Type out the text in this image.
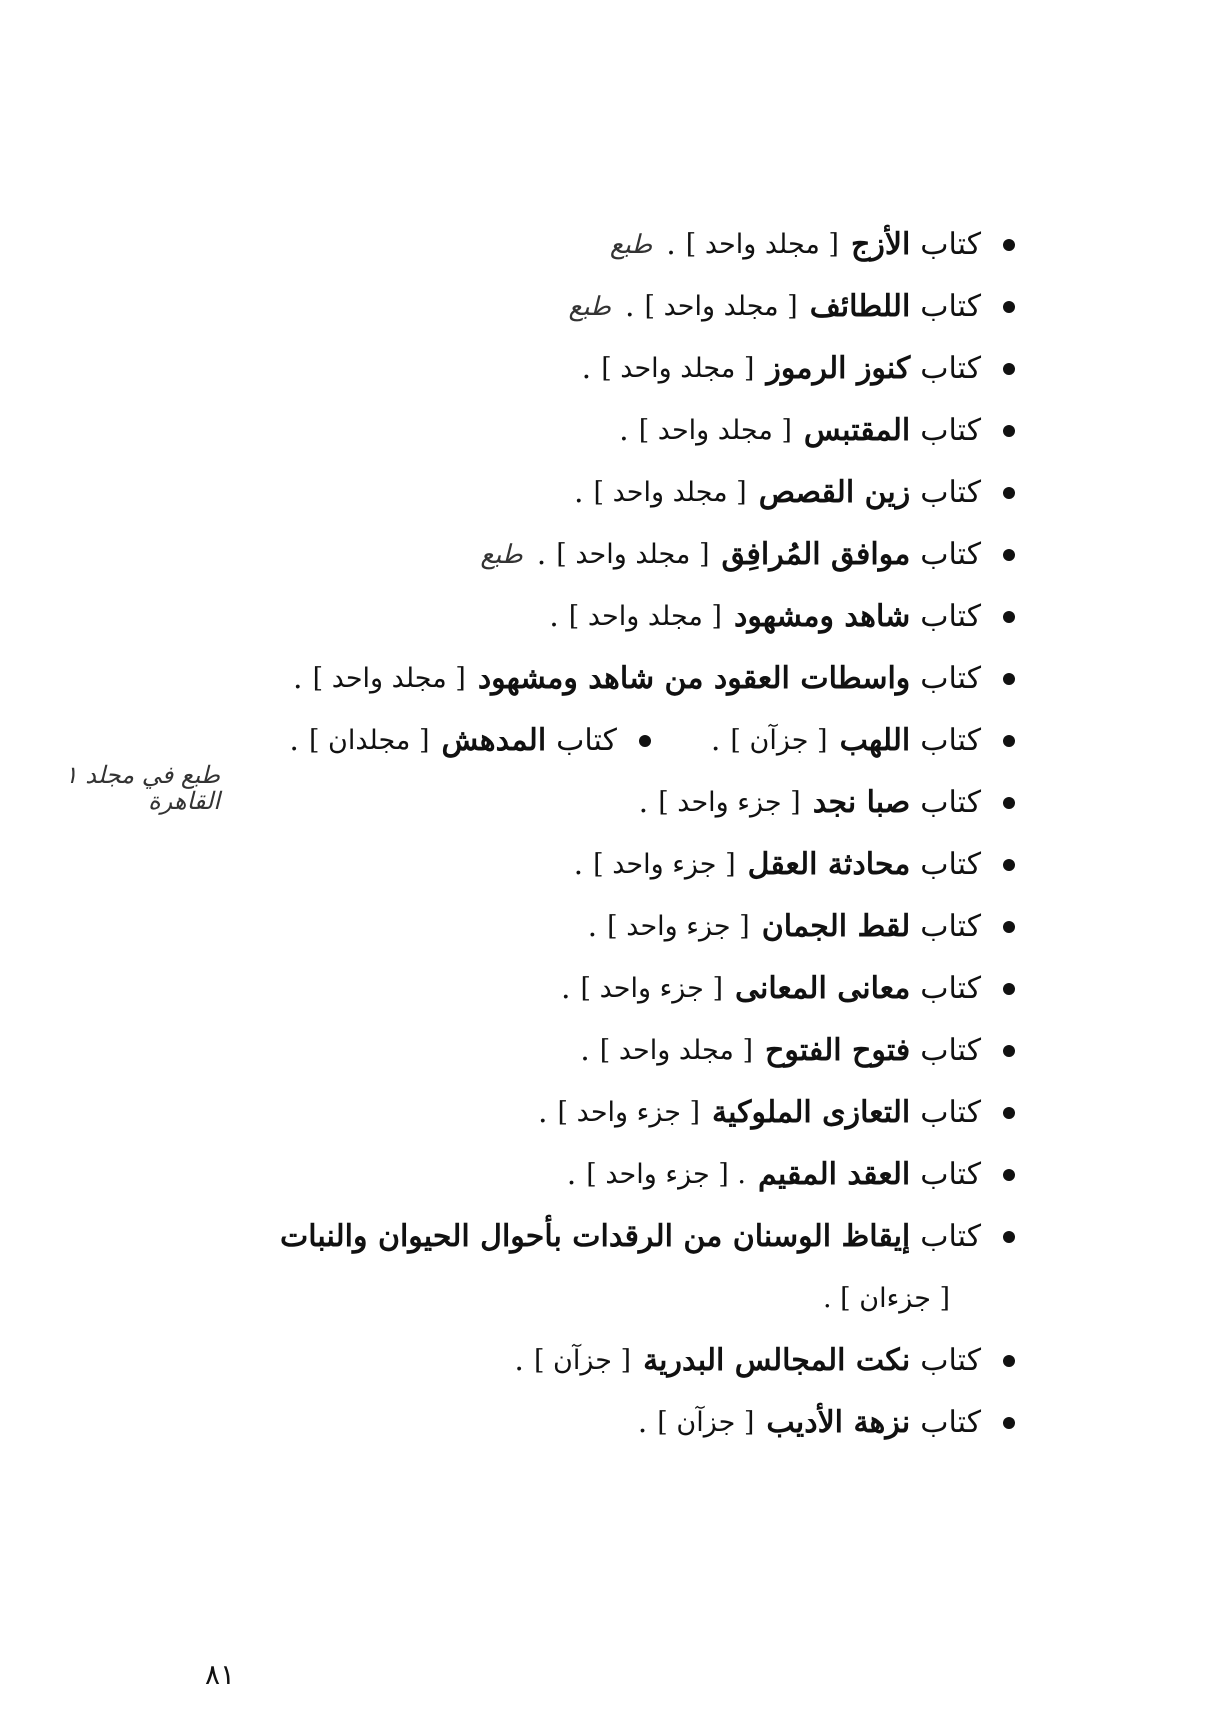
كتاب
الأزج
[ مجلد واحد ]
.
طبع
كتاب
اللطائف
[ مجلد واحد ]
.
طبع
كتاب
كنوز الرموز
[ مجلد واحد ]
.
كتاب
المقتبس
[ مجلد واحد ]
.
كتاب
زين القصص
[ مجلد واحد ]
.
كتاب
موافق المُرافِق
[ مجلد واحد ]
.
طبع
كتاب
شاهد ومشهود
[ مجلد واحد ]
.
كتاب
واسطات العقود من شاهد ومشهود
[ مجلد واحد ]
.
كتاب
اللهب
[ جزآن ]
.
كتاب
المدهش
[ مجلدان ]
.
كتاب
صبا نجد
[ جزء واحد ]
.
كتاب
محادثة العقل
[ جزء واحد ]
.
كتاب
لقط الجمان
[ جزء واحد ]
.
كتاب
معانى المعانى
[ جزء واحد ]
.
كتاب
فتوح الفتوح
[ مجلد واحد ]
.
كتاب
التعازى الملوكية
[ جزء واحد ]
.
كتاب
العقد المقيم
. [ جزء واحد ]
.
كتاب
إيقاظ الوسنان من الرقدات بأحوال الحيوان والنبات
[ جزءان ] .
كتاب
نكت المجالس البدرية
[ جزآن ]
.
كتاب
نزهة الأديب
[ جزآن ]
.
طبع في مجلد ١ القاهرة
٨١
